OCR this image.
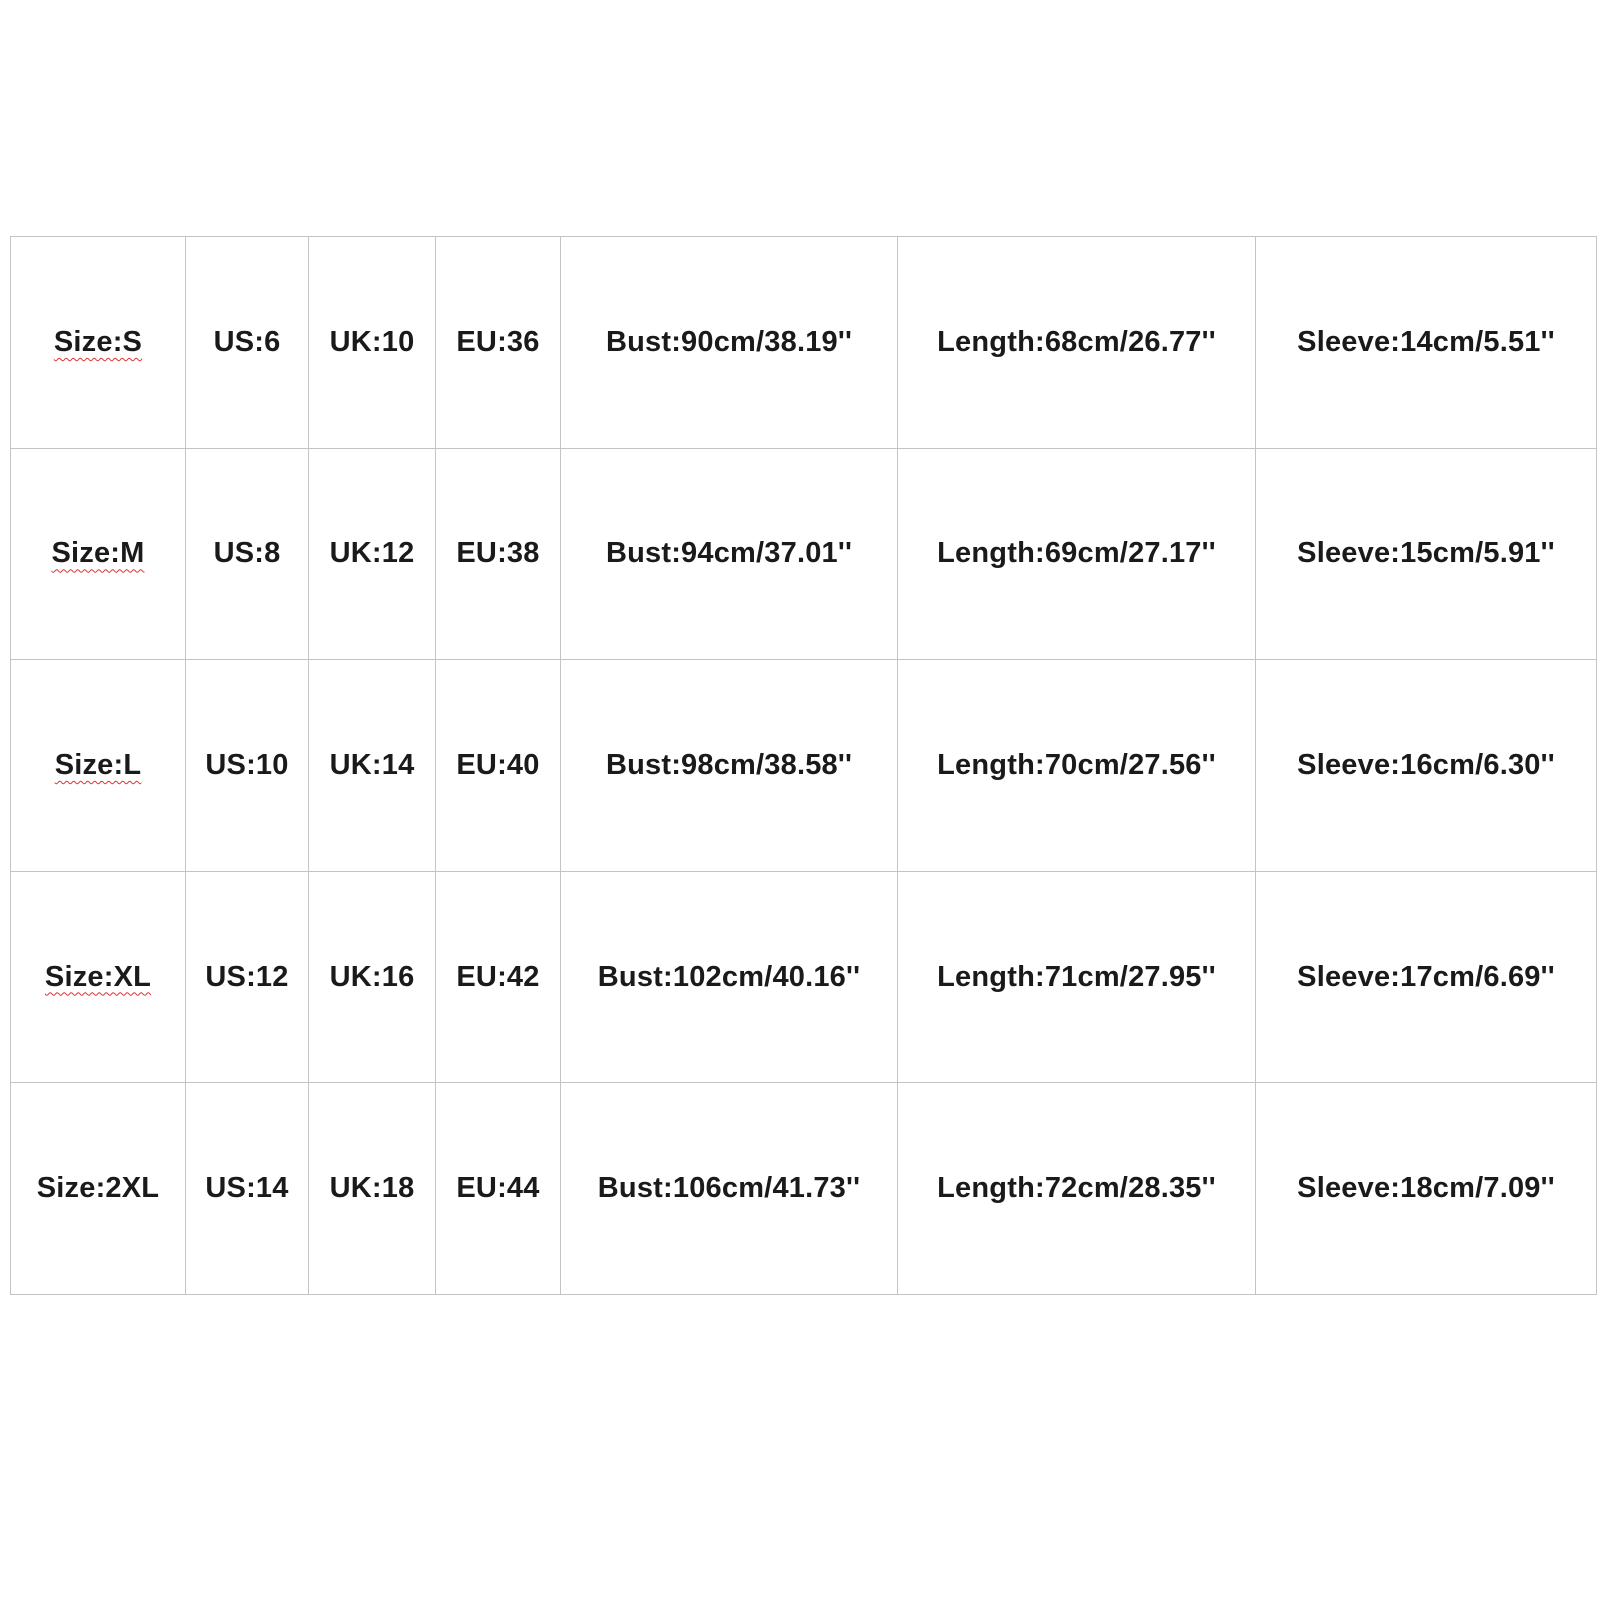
Size:S	US:6	UK:10	EU:36	Bust:90cm/38.19''	Length:68cm/26.77''	Sleeve:14cm/5.51''
Size:M	US:8	UK:12	EU:38	Bust:94cm/37.01''	Length:69cm/27.17''	Sleeve:15cm/5.91''
Size:L	US:10	UK:14	EU:40	Bust:98cm/38.58''	Length:70cm/27.56''	Sleeve:16cm/6.30''
Size:XL	US:12	UK:16	EU:42	Bust:102cm/40.16''	Length:71cm/27.95''	Sleeve:17cm/6.69''
Size:2XL	US:14	UK:18	EU:44	Bust:106cm/41.73''	Length:72cm/28.35''	Sleeve:18cm/7.09''
